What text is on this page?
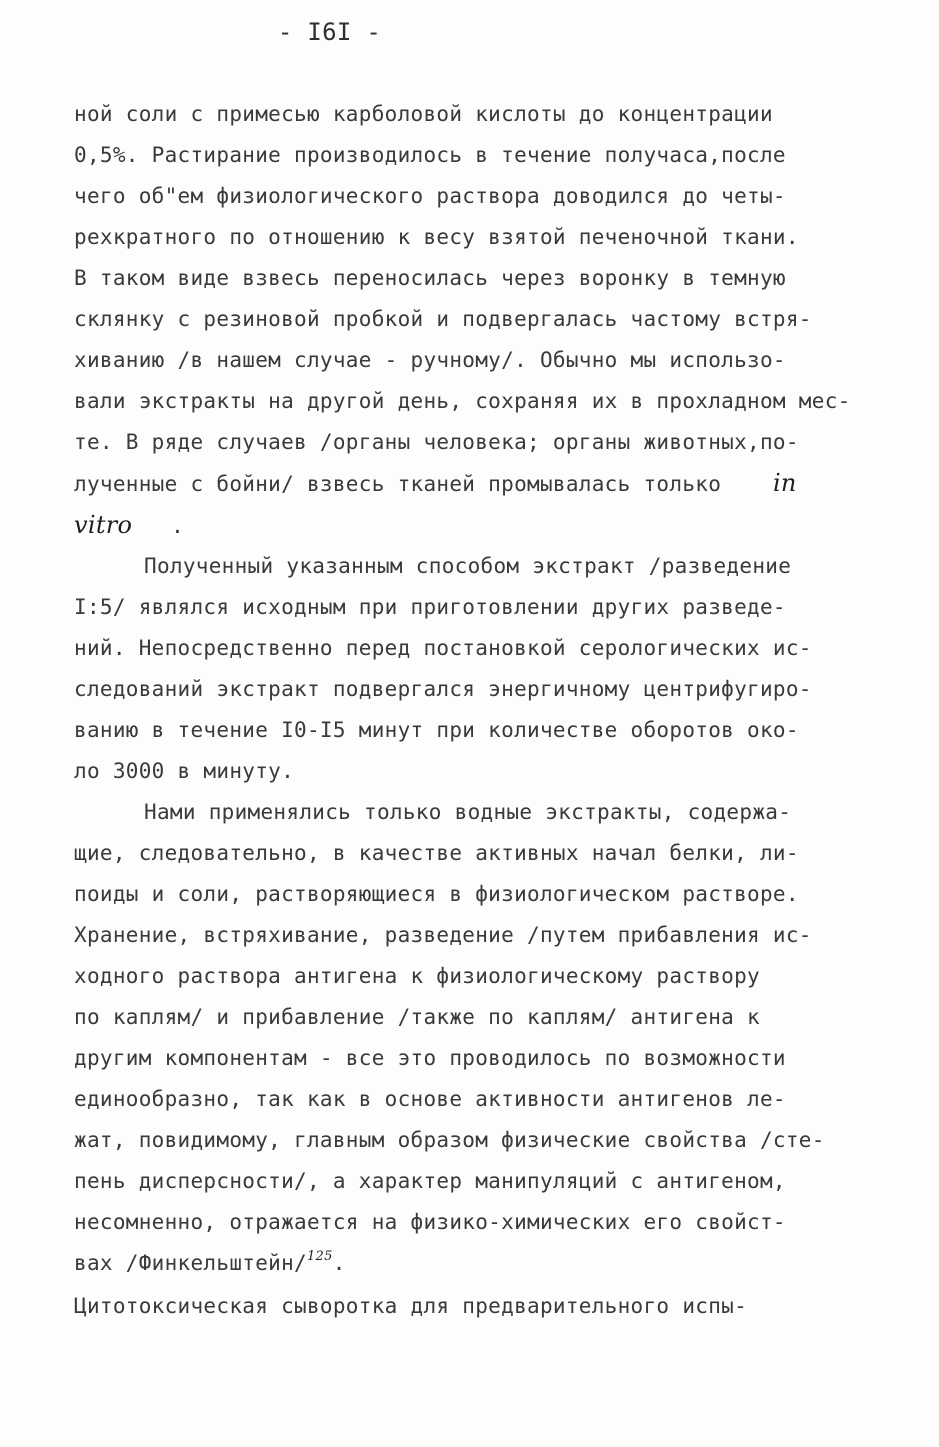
- I6I -
ной соли с примесью карболовой кислоты до концентрации
0,5%. Растирание производилось в течение получаса,после
чего об"ем физиологического раствора доводился до четы-
рехкратного по отношению к весу взятой печеночной ткани.
В таком виде взвесь переносилась через воронку в темную
склянку с резиновой пробкой и подвергалась частому встря-
хиванию /в нашем случае - ручному/. Обычно мы использо-
вали экстракты на другой день, сохраняя их в прохладном мес-
те. В ряде случаев /органы человека; органы животных,по-
лученные с бойни/ взвесь тканей промывалась только in
vitro .
Полученный указанным способом экстракт /разведение
I:5/ являлся исходным при приготовлении других разведе-
ний. Непосредственно перед постановкой серологических ис-
следований экстракт подвергался энергичному центрифугиро-
ванию в течение I0-I5 минут при количестве оборотов око-
ло 3000 в минуту.
Нами применялись только водные экстракты, содержа-
щие, следовательно, в качестве активных начал белки, ли-
поиды и соли, растворяющиеся в физиологическом растворе.
Хранение, встряхивание, разведение /путем прибавления ис-
ходного раствора антигена к физиологическому раствору
по каплям/ и прибавление /также по каплям/ антигена к
другим компонентам - все это проводилось по возможности
единообразно, так как в основе активности антигенов ле-
жат, повидимому, главным образом физические свойства /сте-
пень дисперсности/, а характер манипуляций с антигеном,
несомненно, отражается на физико-химических его свойст-
вах /Финкельштейн/$^{125}$.
Цитотоксическая сыворотка для предварительного испы-
